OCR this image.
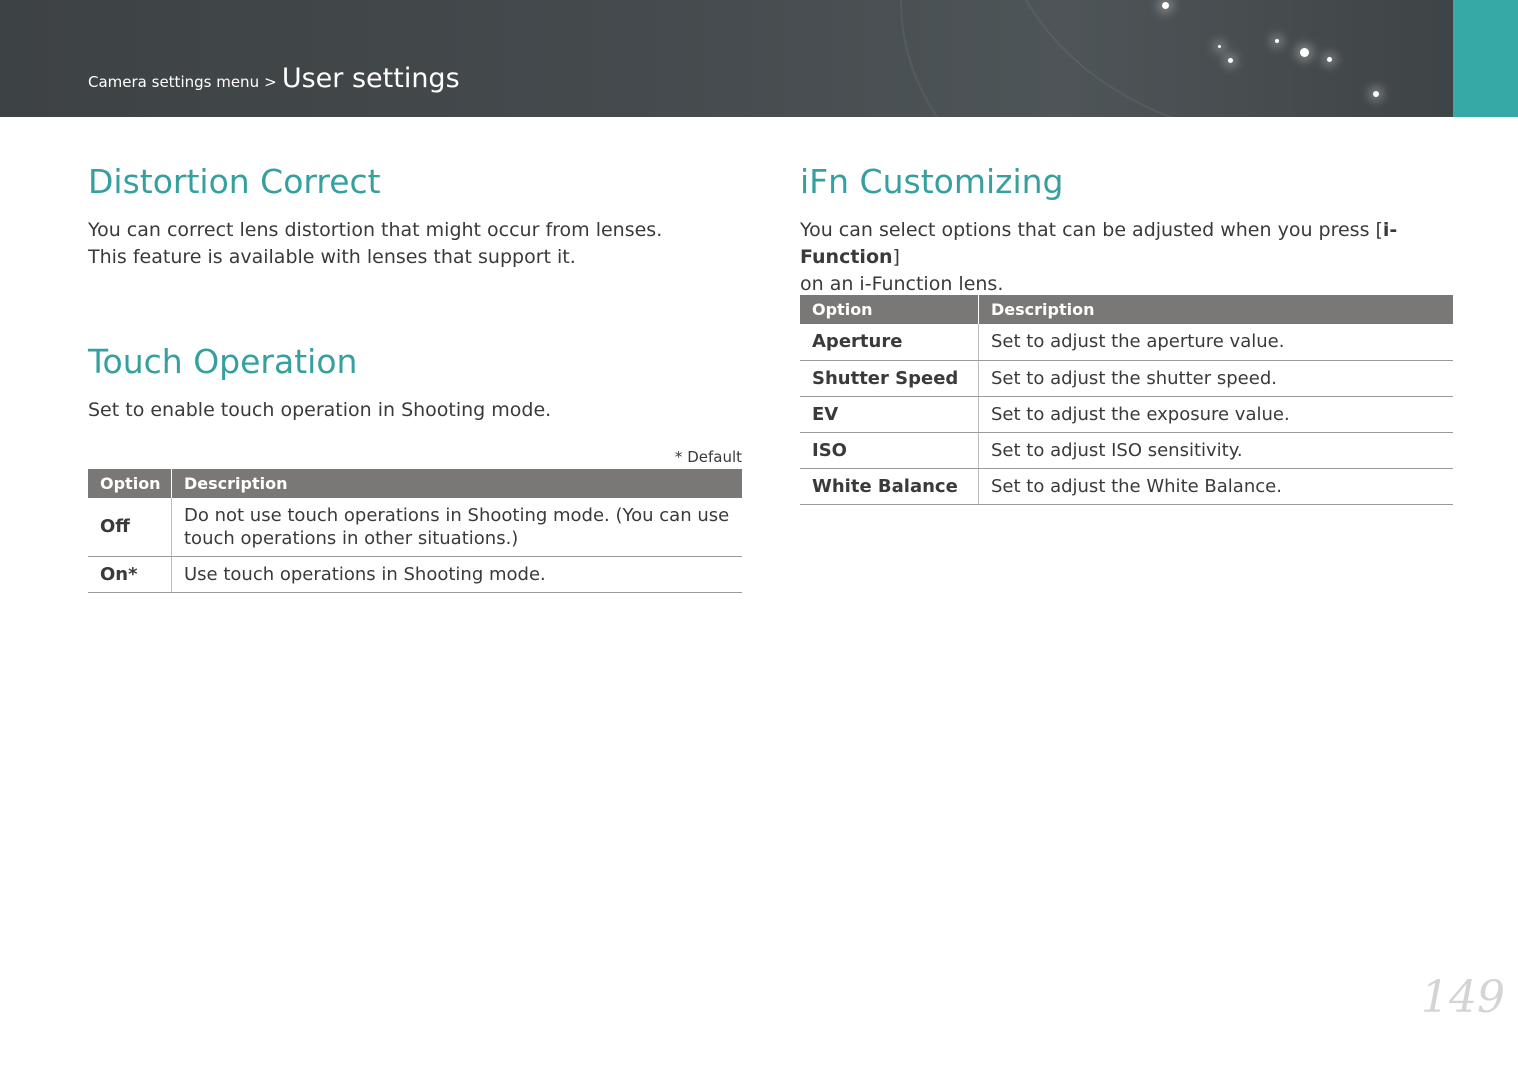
Camera settings menu > User settings
Distortion Correct

You can correct lens distortion that might occur from lenses.
This feature is available with lenses that support it.

Touch Operation

Set to enable touch operation in Shooting mode.

* Default
Option	Description
Off	Do not use touch operations in Shooting mode. (You can use touch operations in other situations.)
On*	Use touch operations in Shooting mode.
iFn Customizing

You can select options that can be adjusted when you press [i-Function]
on an i-Function lens.

Option	Description
Aperture	Set to adjust the aperture value.
Shutter Speed	Set to adjust the shutter speed.
EV	Set to adjust the exposure value.
ISO	Set to adjust ISO sensitivity.
White Balance	Set to adjust the White Balance.
149
